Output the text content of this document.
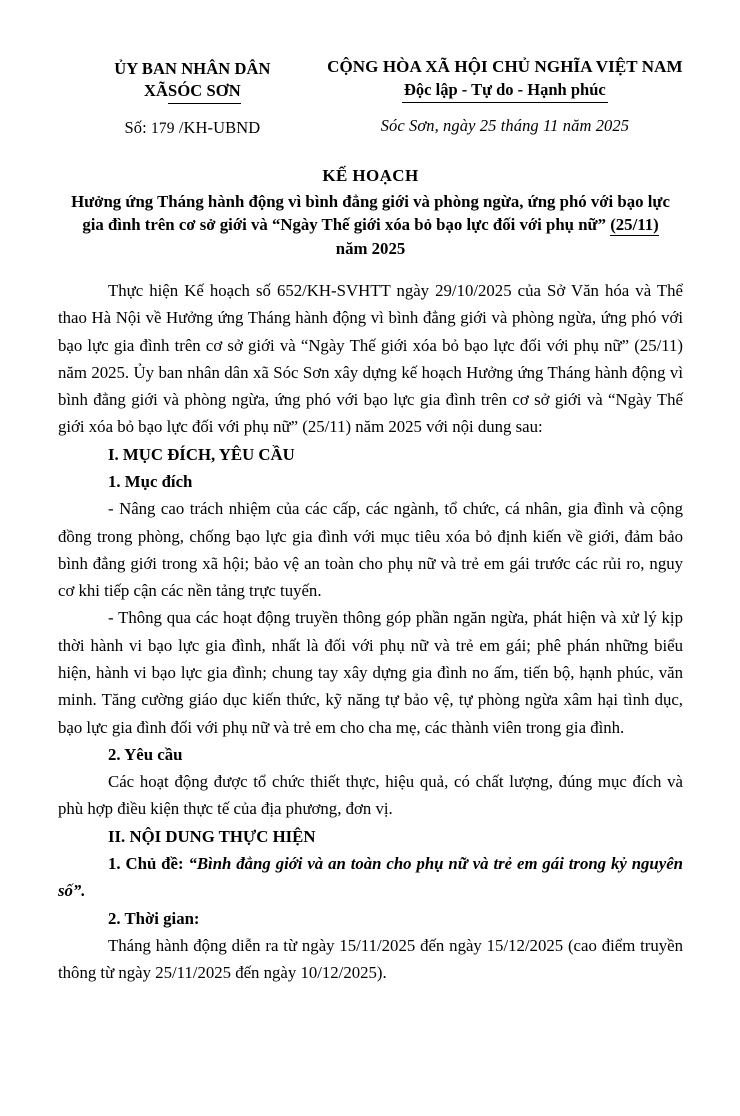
ỦY BAN NHÂN DÂN
XÃSÓC SƠN
Số: 179 /KH-UBND
CỘNG HÒA XÃ HỘI CHỦ NGHĨA VIỆT NAM
Độc lập - Tự do - Hạnh phúc
Sóc Sơn, ngày 25 tháng 11 năm 2025
KẾ HOẠCH
Hưởng ứng Tháng hành động vì bình đẳng giới và phòng ngừa, ứng phó với bạo lực gia đình trên cơ sở giới và “Ngày Thế giới xóa bỏ bạo lực đối với phụ nữ” (25/11) năm 2025

Thực hiện Kế hoạch số 652/KH-SVHTT ngày 29/10/2025 của Sở Văn hóa và Thể thao Hà Nội về Hưởng ứng Tháng hành động vì bình đẳng giới và phòng ngừa, ứng phó với bạo lực gia đình trên cơ sở giới và “Ngày Thế giới xóa bỏ bạo lực đối với phụ nữ” (25/11) năm 2025. Ủy ban nhân dân xã Sóc Sơn xây dựng kế hoạch Hưởng ứng Tháng hành động vì bình đẳng giới và phòng ngừa, ứng phó với bạo lực gia đình trên cơ sở giới và “Ngày Thế giới xóa bỏ bạo lực đối với phụ nữ” (25/11) năm 2025 với nội dung sau:

I. MỤC ĐÍCH, YÊU CẦU

1. Mục đích

- Nâng cao trách nhiệm của các cấp, các ngành, tổ chức, cá nhân, gia đình và cộng đồng trong phòng, chống bạo lực gia đình với mục tiêu xóa bỏ định kiến về giới, đảm bảo bình đẳng giới trong xã hội; bảo vệ an toàn cho phụ nữ và trẻ em gái trước các rủi ro, nguy cơ khi tiếp cận các nền tảng trực tuyến.

- Thông qua các hoạt động truyền thông góp phần ngăn ngừa, phát hiện và xử lý kịp thời hành vi bạo lực gia đình, nhất là đối với phụ nữ và trẻ em gái; phê phán những biểu hiện, hành vi bạo lực gia đình; chung tay xây dựng gia đình no ấm, tiến bộ, hạnh phúc, văn minh. Tăng cường giáo dục kiến thức, kỹ năng tự bảo vệ, tự phòng ngừa xâm hại tình dục, bạo lực gia đình đối với phụ nữ và trẻ em cho cha mẹ, các thành viên trong gia đình.

2. Yêu cầu

Các hoạt động được tổ chức thiết thực, hiệu quả, có chất lượng, đúng mục đích và phù hợp điều kiện thực tế của địa phương, đơn vị.

II. NỘI DUNG THỰC HIỆN

1. Chủ đề: “Bình đẳng giới và an toàn cho phụ nữ và trẻ em gái trong kỷ nguyên số”.

2. Thời gian:

Tháng hành động diễn ra từ ngày 15/11/2025 đến ngày 15/12/2025 (cao điểm truyền thông từ ngày 25/11/2025 đến ngày 10/12/2025).
